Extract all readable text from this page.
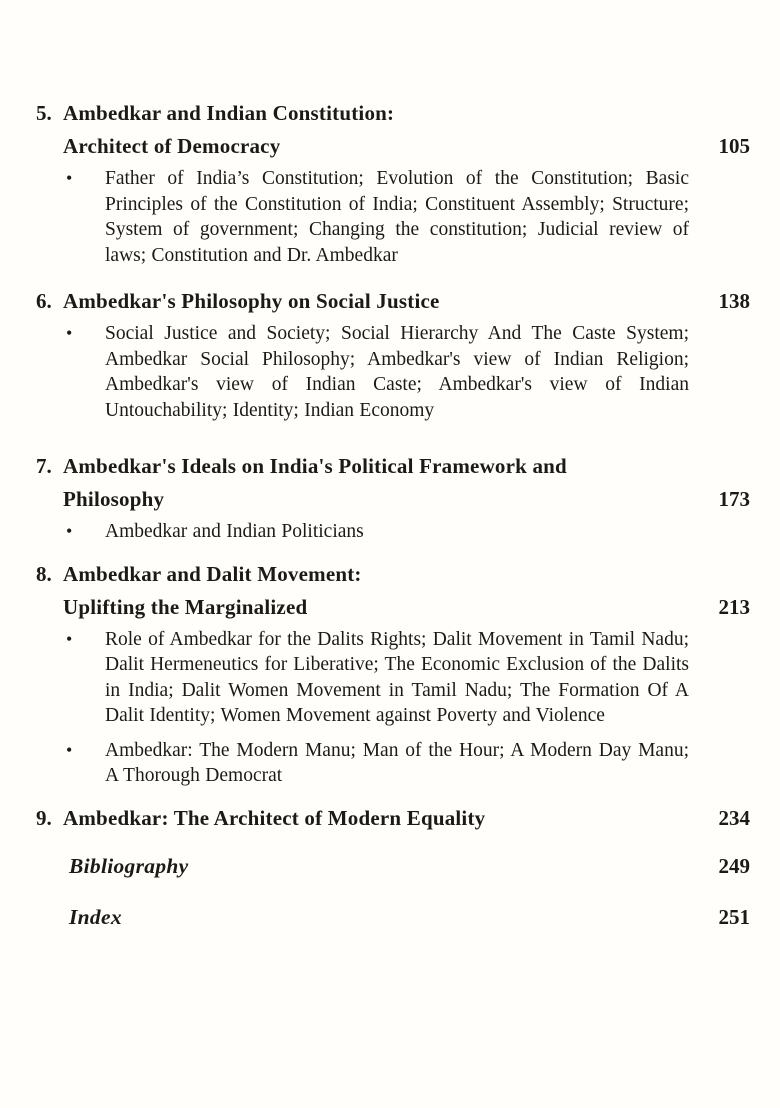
5. Ambedkar and Indian Constitution:
Architect of Democracy	105
•	Father of India’s Constitution; Evolution of the Constitution; Basic Principles of the Constitution of India; Constituent Assembly; Structure; System of government; Changing the constitution; Judicial review of laws; Constitution and Dr. Ambedkar

6. Ambedkar's Philosophy on Social Justice	138
•	Social Justice and Society; Social Hierarchy And The Caste System; Ambedkar Social Philosophy; Ambedkar's view of Indian Religion; Ambedkar's view of Indian Caste; Ambedkar's view of Indian Untouchability; Identity; Indian Economy

7. Ambedkar's Ideals on India's Political Framework and
Philosophy	173
•	Ambedkar and Indian Politicians

8. Ambedkar and Dalit Movement:
Uplifting the Marginalized	213
•	Role of Ambedkar for the Dalits Rights; Dalit Movement in Tamil Nadu; Dalit Hermeneutics for Liberative; The Economic Exclusion of the Dalits in India; Dalit Women Movement in Tamil Nadu; The Formation Of A Dalit Identity; Women Movement against Poverty and Violence

•	Ambedkar: The Modern Manu; Man of the Hour; A Modern Day Manu; A Thorough Democrat

9. Ambedkar: The Architect of Modern Equality	234
Bibliography	249
Index	251
